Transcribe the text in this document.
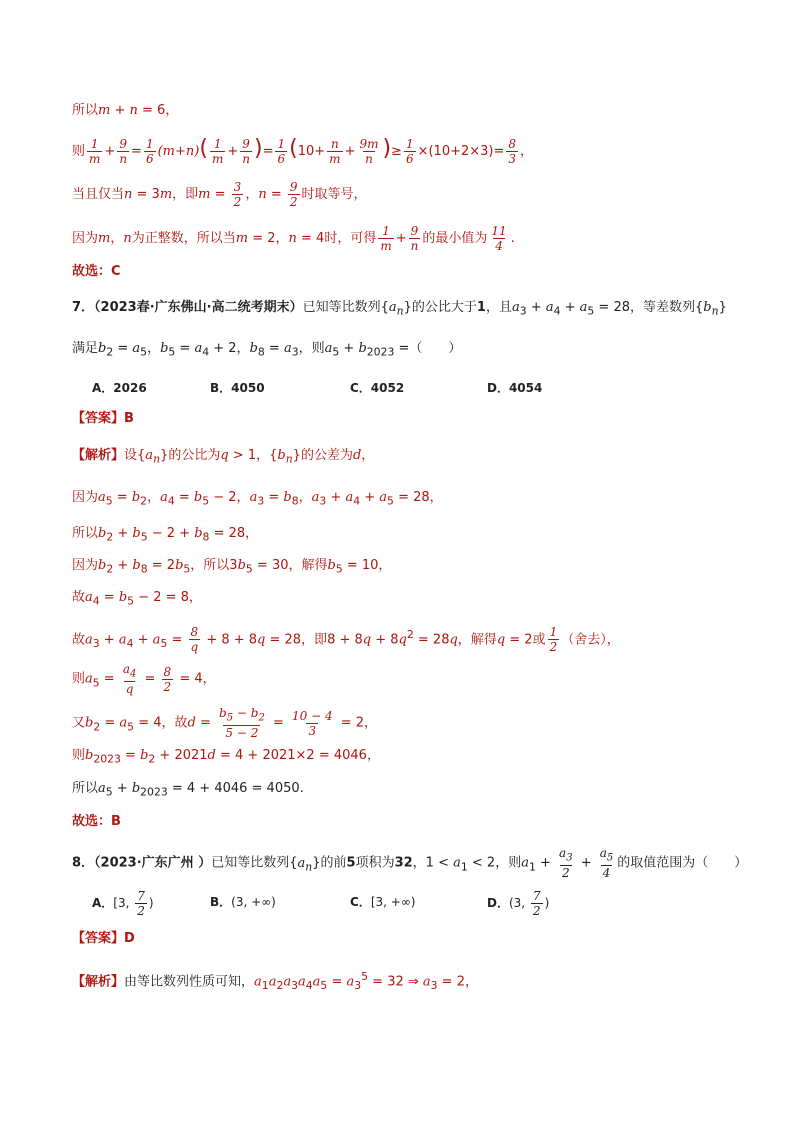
所以m + n = 6，
则 $\frac{1}{m} + \frac{9}{n} = \frac{1}{6} (m+n)( \frac{1}{m} + \frac{9}{n}$ )= $\frac{1}{6} (10+ \frac{n}{m} + \frac{9m}{n}$ )≥ $\frac{1}{6} \times(10+2\times 3)= \frac{8}{3}$ ，
当且仅当n = 3m，即$m = \frac{3}{2}$ ，$n = \frac{9}{2}$ 时取等号，
因为m，n为正整数，所以当m = 2，n = 4时，可得 $\frac{1}{m} + \frac{9}{n}$ 的最小值为 $\frac{11}{4}$ .
故选：C
7．（2023春·广东佛山·高二统考期末）已知等比数列$\{a_n\}$的公比大于1，且$a_3 + a_4 + a_5 = 28$，等差数列$\{b_n\}$
满足$b_2 = a_5$，$b_5 = a_4 + 2$，$b_8 = a_3$，则$a_5 + b_{2023}$ =（　　）
A．2026	B．4050	C．4052	D．4054
【答案】B
【解析】设$\{a_n\}$的公比为q > 1，$\{b_n\}$的公差为d，
因为$a_5 = b_2$，$a_4 = b_5 - 2$，$a_3 = b_8$，$a_3 + a_4 + a_5 = 28$，
所以$b_2 + b_5 - 2 + b_8 = 28$，
因为$b_2 + b_8 = 2b_5$，所以$3b_5 = 30$，解得$b_5 = 10$，
故$a_4 = b_5 - 2 = 8$，
故$a_3 + a_4 + a_5 = \frac{8}{q} + 8 + 8q = 28$，即$8 + 8q + 8q^2 = 28q$，解得q = 2或 $\frac{1}{2}$ （舍去），
则$a_5 = \frac{a_4}{q} = \frac{8}{2} = 4$，
又$b_2 = a_5 = 4$，故$d = \frac{b_5 - b_2}{5 - 2} = \frac{10 - 4}{3} = 2$，
则$b_{2023} = b_2 + 2021d = 4 + 2021\times 2 = 4046$，
所以$a_5 + b_{2023} = 4 + 4046 = 4050$.
故选：B
8．（2023·广东广州 ）已知等比数列$\{a_n\}$的前5项积为32，$1 < a_1 < 2$，则$a_1 + \frac{a_3}{2} + \frac{a_5}{4}$ 的取值范围为（　　）
A．[3, $\frac{7}{2}$ )	B．(3, +∞)	C．[3, +∞)	D．(3, $\frac{7}{2}$ )
【答案】D
【解析】由等比数列性质可知，$a_1a_2a_3a_4a_5 = a_3^5 = 32$ ⇒ $a_3 = 2$，
